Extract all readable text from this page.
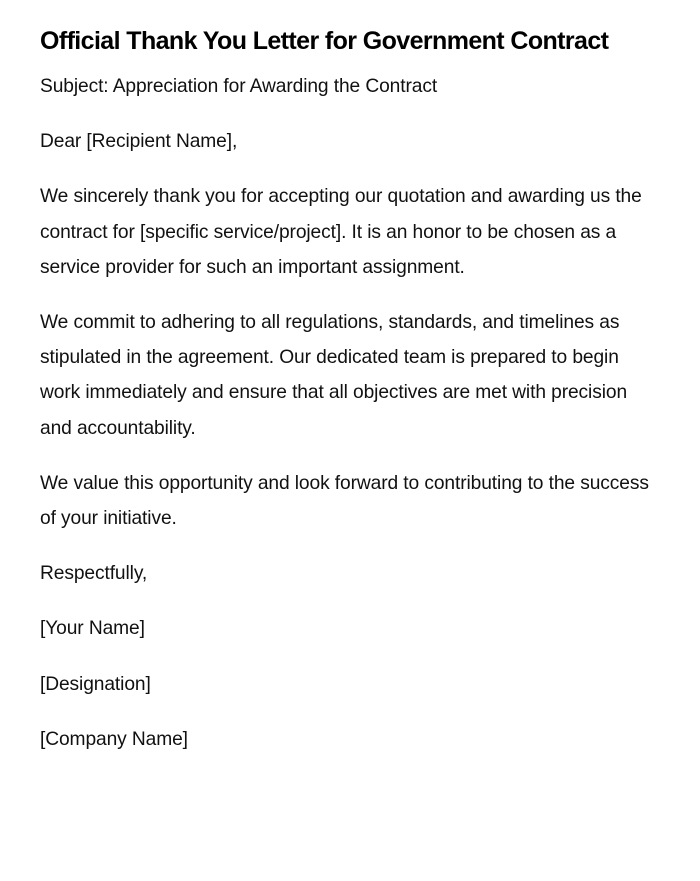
Official Thank You Letter for Government Contract

Subject: Appreciation for Awarding the Contract

Dear [Recipient Name],

We sincerely thank you for accepting our quotation and awarding us the contract for [specific service/project]. It is an honor to be chosen as a service provider for such an important assignment.

We commit to adhering to all regulations, standards, and timelines as stipulated in the agreement. Our dedicated team is prepared to begin work immediately and ensure that all objectives are met with precision and accountability.

We value this opportunity and look forward to contributing to the success of your initiative.

Respectfully,

[Your Name]

[Designation]

[Company Name]
